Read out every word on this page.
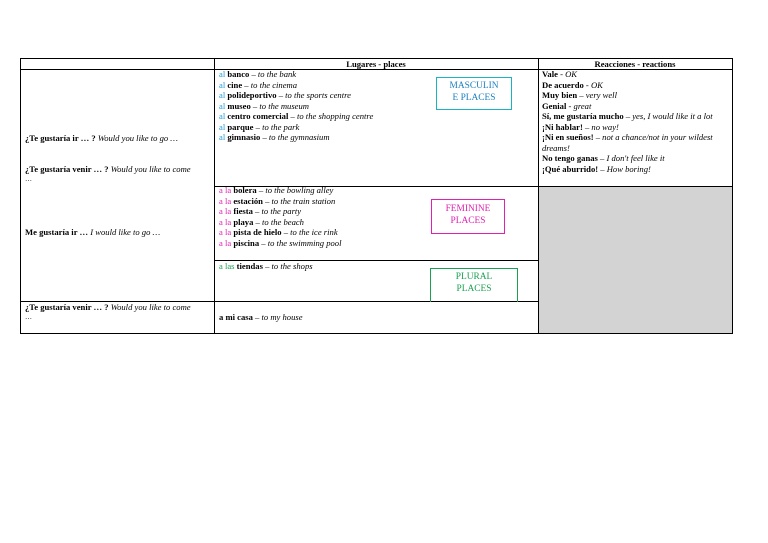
Lugares - places	Reacciones - reactions
¿Te gustaría ir … ? Would you like to go …
¿Te gustaría venir … ? Would you like to come
…
Me gustaría ir … I would like to go …
¿Te gustaría venir … ? Would you like to come
…
al banco – to the bank
al cine – to the cinema
al polideportivo – to the sports centre
al museo – to the museum
al centro comercial – to the shopping centre
al parque – to the park
al gimnasio – to the gymnasium
MASCULIN
E PLACES
a la bolera – to the bowling alley
a la estación – to the train station
a la fiesta – to the party
a la playa – to the beach
a la pista de hielo – to the ice rink
a la piscina – to the swimming pool
FEMININE
PLACES
a las tiendas – to the shops
PLURAL
PLACES
a mi casa – to my house
Vale - OK
De acuerdo - OK
Muy bien – very well
Genial - great
Sí, me gustaría mucho – yes, I would like it a lot
¡Ni hablar! – no way!
¡Ni en sueños! – not a chance/not in your wildest
dreams!
No tengo ganas – I don't feel like it
¡Qué aburrido! – How boring!
